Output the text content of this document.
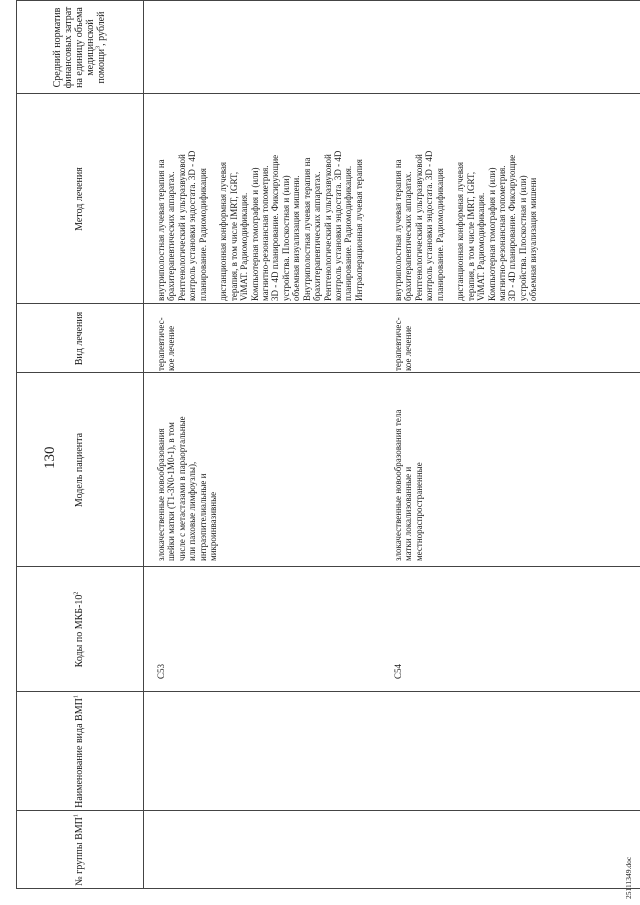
130
№ группы ВМП$^1$
Наименование вида ВМП$^1$
Коды по МКБ-$10^2$
Модель пациента
Вид лечения
Метод лечения
Средний норматив финансовых затрат на единицу объема медицинской помощи$^3$, рублей
C53
злокачественные новообразования
шейки матки (T1-3N0-1M0-1), в том
числе с метастазами в параортальные
или паховые лимфоузлы),
интраэпителиальные и
микроинвазивные
терапевтичес-
кое лечение
внутриполостная лучевая терапия на
брахитерапевтических аппаратах.
Рентгенологический и ультразвуковой
контроль установки эндостата. 3D - 4D
планирование. Радиомодификация

дистанционная конформная лучевая
терапия, в том числе IMRT, IGRT,
ViMAT. Радиомодификация.
Компьютерная томография и (или)
магнитно-резонансная топометрия.
3D - 4D планирование. Фиксирующие
устройства. Плоскостная и (или)
объемная визуализация мишени.
Внутриполостная лучевая терапия на
брахитерапевтических аппаратах.
Рентгенологический и ультразвуковой
контроль установки эндостата. 3D - 4D
планирование. Радиомодификация.
Интраоперационная лучевая терапия
C54
злокачественные новообразования тела
матки локализованные и
местнораспространенные
терапевтичес-
кое лечение
внутриполостная лучевая терапия на
брахитерапевтических аппаратах.
Рентгенологический и ультразвуковой
контроль установки эндостата. 3D - 4D
планирование. Радиомодификация

дистанционная конформная лучевая
терапия, в том числе IMRT, IGRT,
ViMAT. Радиомодификация.
Компьютерная томография и (или)
магнитно-резонансная топометрия.
3D - 4D планирование. Фиксирующие
устройства. Плоскостная и (или)
объемная визуализация мишени
25111349.doc
